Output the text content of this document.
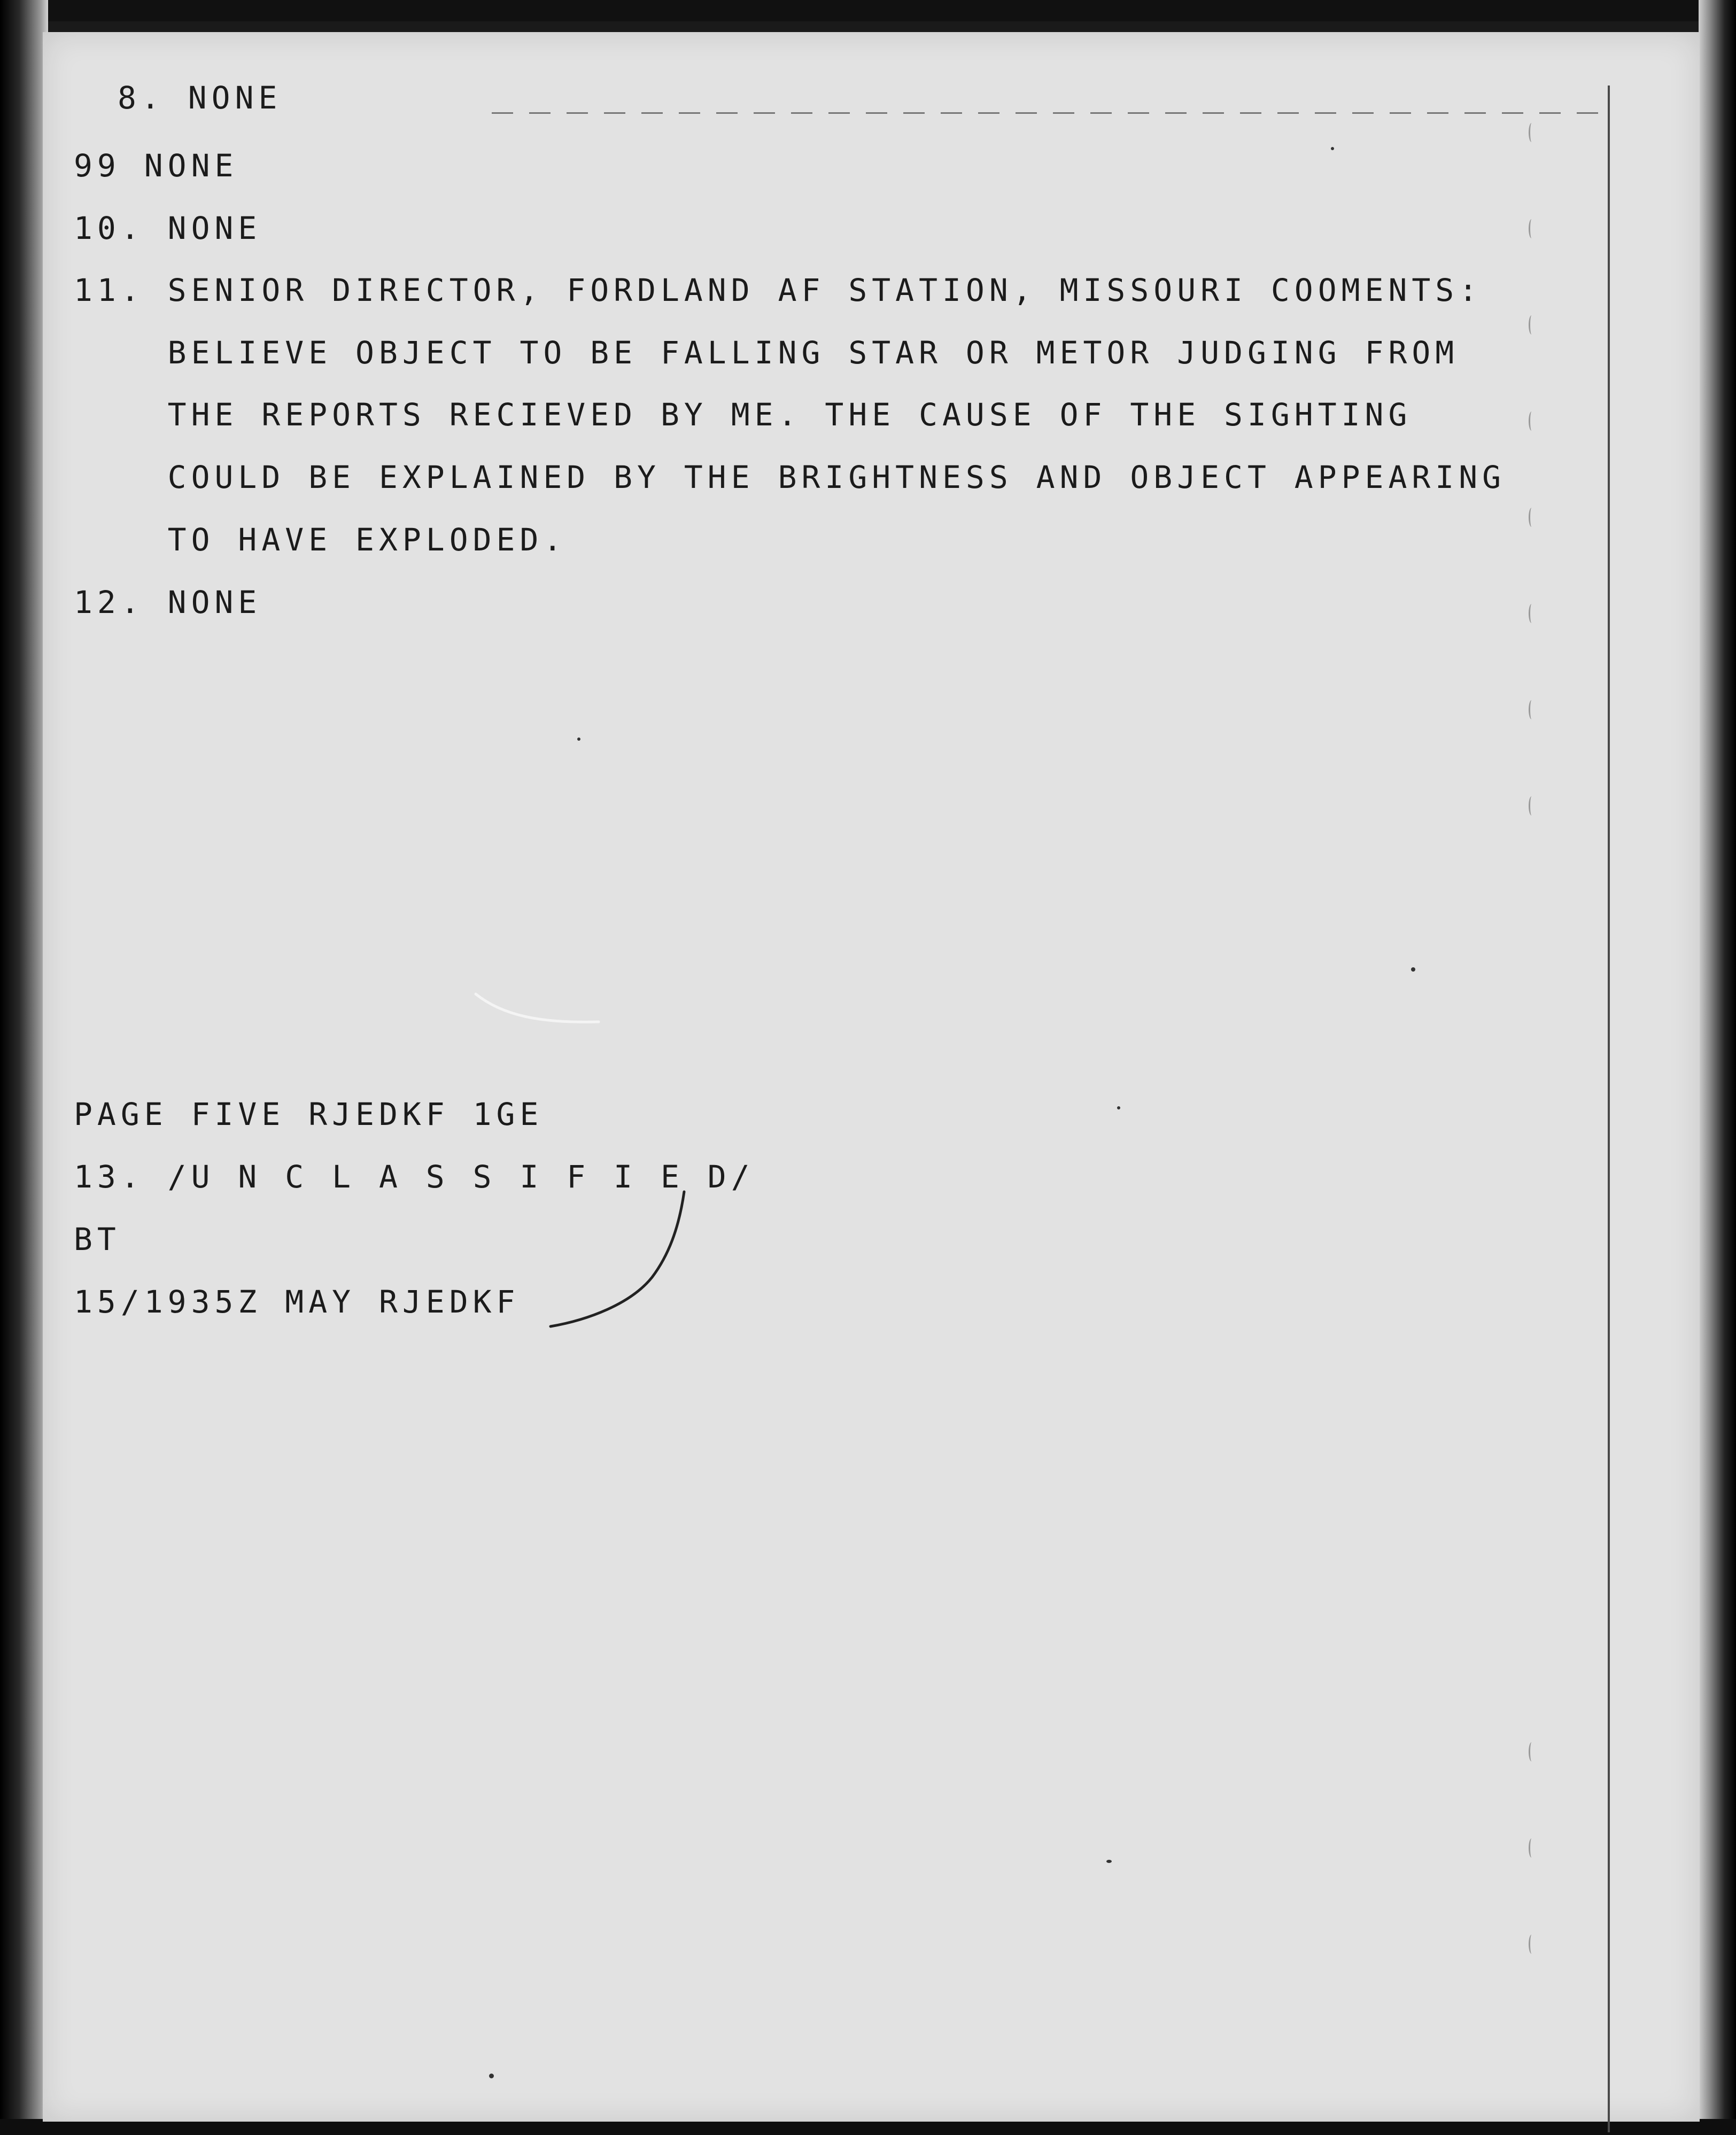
8. NONE
99 NONE
10. NONE
11. SENIOR DIRECTOR, FORDLAND AF STATION, MISSOURI COOMENTS:
BELIEVE OBJECT TO BE FALLING STAR OR METOR JUDGING FROM
THE REPORTS RECIEVED BY ME. THE CAUSE OF THE SIGHTING
COULD BE EXPLAINED BY THE BRIGHTNESS AND OBJECT APPEARING
TO HAVE EXPLODED.
12. NONE
PAGE FIVE RJEDKF 1GE
13. /U N C L A S S I F I E D/
BT
15/1935Z MAY RJEDKF
